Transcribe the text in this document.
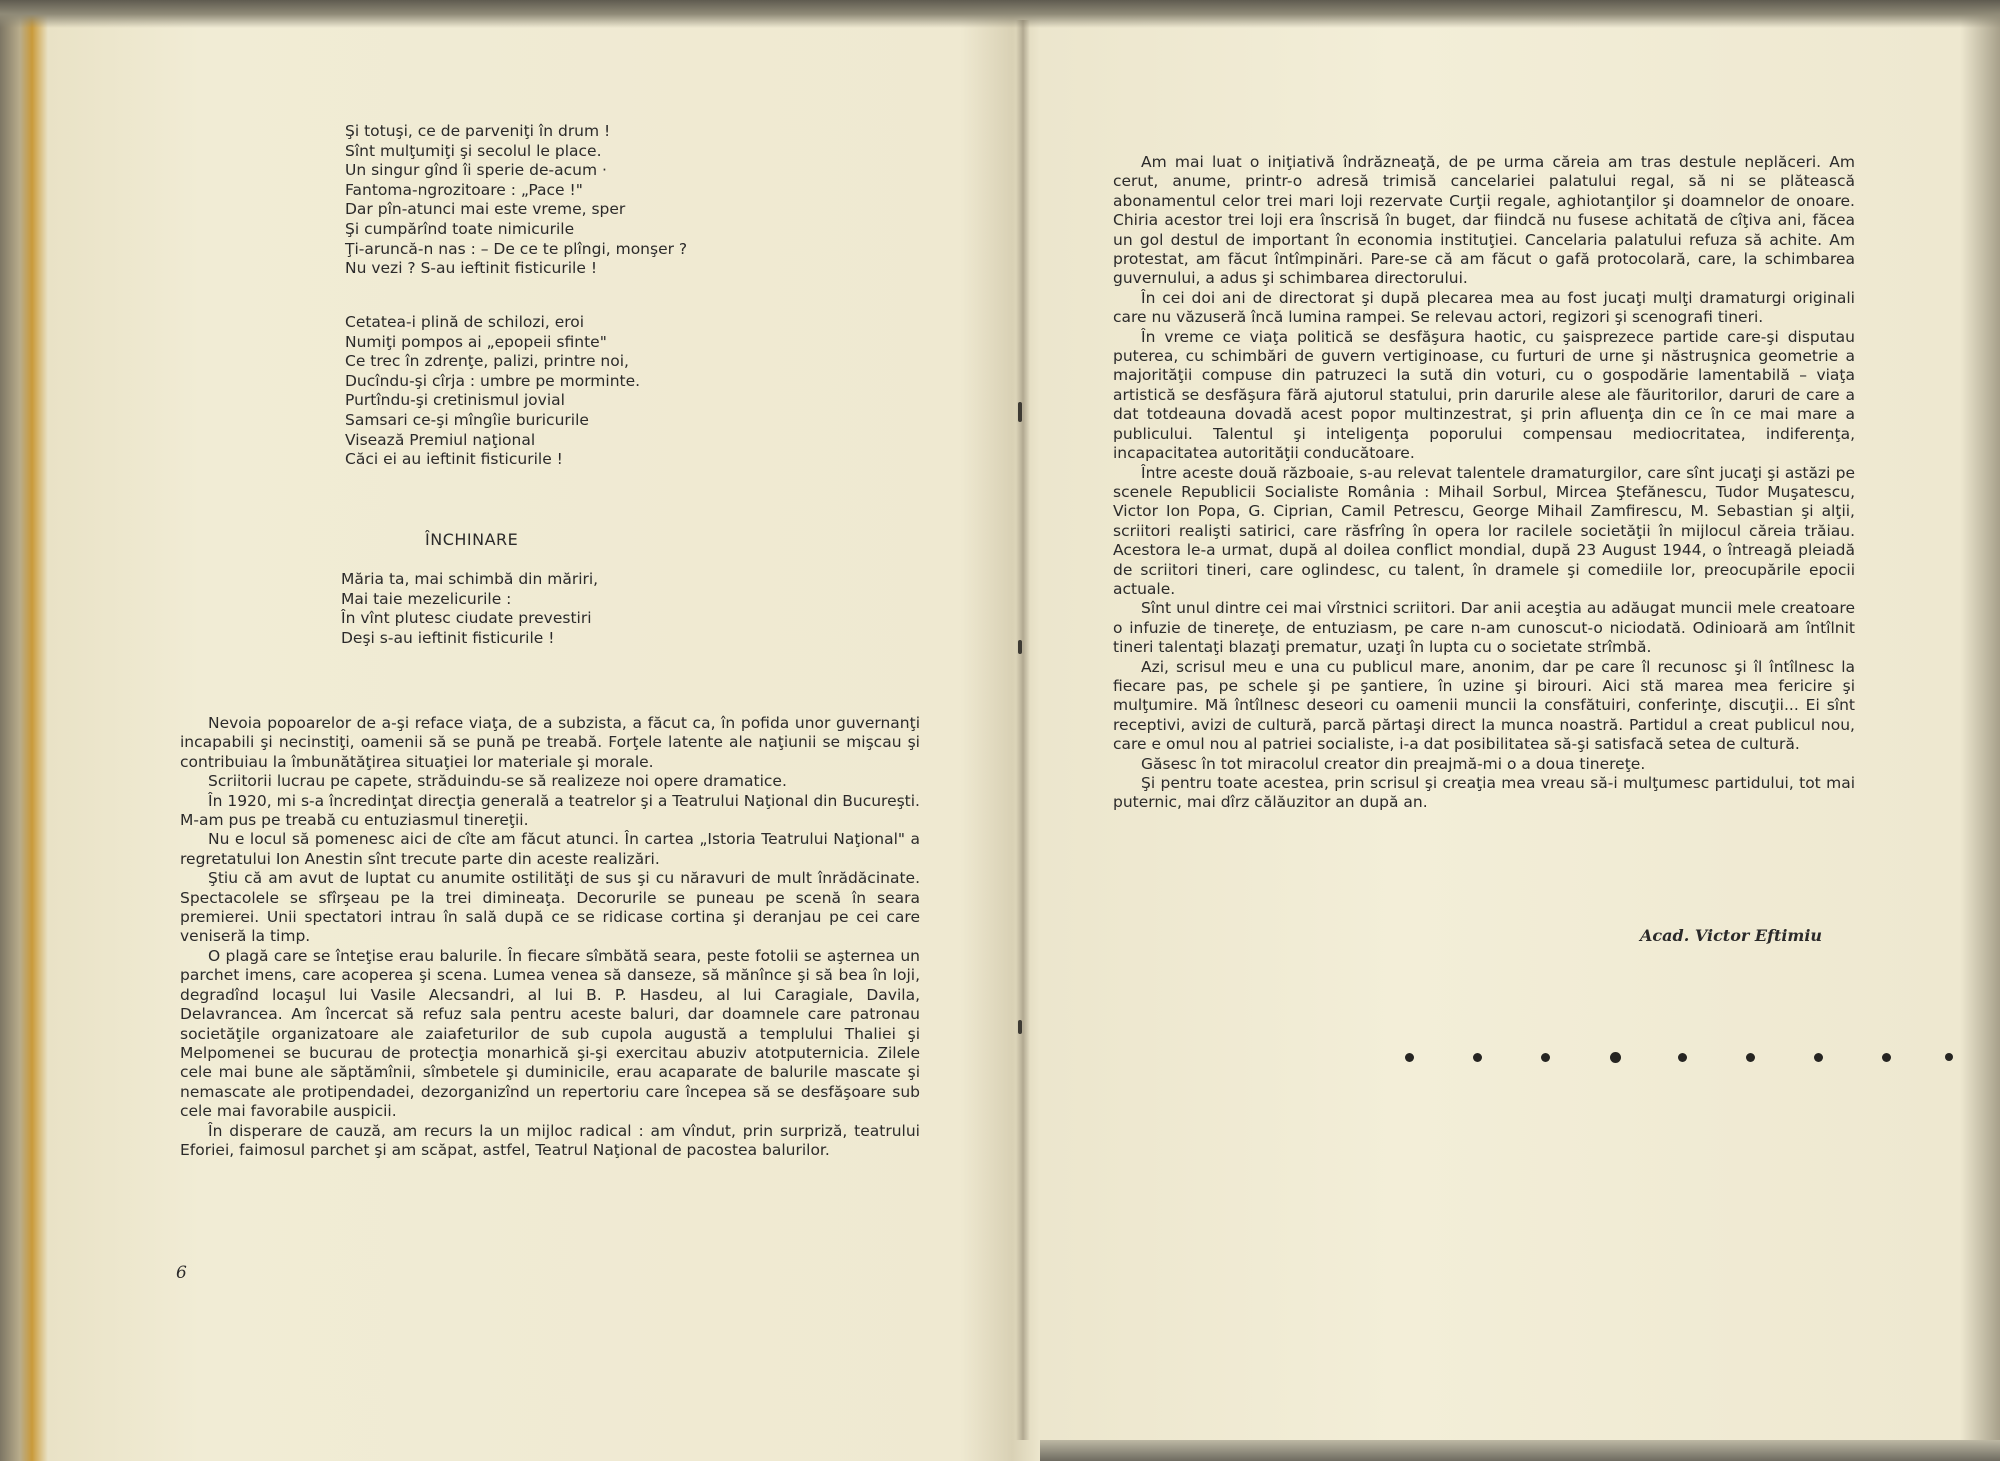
Şi totuşi, ce de parveniţi în drum !
Sînt mulţumiţi şi secolul le place.
Un singur gînd îi sperie de-acum ·
Fantoma-ngrozitoare : „Pace !"
Dar pîn-atunci mai este vreme, sper
Şi cumpărînd toate nimicurile
Ţi-aruncă-n nas : – De ce te plîngi, monşer ?
Nu vezi ? S-au ieftinit fisticurile !
Cetatea-i plină de schilozi, eroi
Numiţi pompos ai „epopeii sfinte"
Ce trec în zdrenţe, palizi, printre noi,
Ducîndu-şi cîrja : umbre pe morminte.
Purtîndu-şi cretinismul jovial
Samsari ce-şi mîngîie buricurile
Visează Premiul naţional
Căci ei au ieftinit fisticurile !
ÎNCHINARE
Măria ta, mai schimbă din măriri,
Mai taie mezelicurile :
În vînt plutesc ciudate prevestiri
Deşi s-au ieftinit fisticurile !

Nevoia popoarelor de a-şi reface viaţa, de a subzista, a făcut ca, în pofida unor guvernanţi incapabili şi necinstiţi, oamenii să se pună pe treabă. Forţele latente ale naţiunii se mişcau şi contribuiau la îmbunătăţirea situaţiei lor materiale şi morale.

Scriitorii lucrau pe capete, străduindu-se să realizeze noi opere dramatice.

În 1920, mi s-a încredinţat direcţia generală a teatrelor şi a Teatrului Naţional din Bucureşti. M-am pus pe treabă cu entuziasmul tinereţii.

Nu e locul să pomenesc aici de cîte am făcut atunci. În cartea „Istoria Teatrului Naţional" a regretatului Ion Anestin sînt trecute parte din aceste realizări.

Ştiu că am avut de luptat cu anumite ostilităţi de sus şi cu năravuri de mult înrădăcinate. Spectacolele se sfîrşeau pe la trei dimineaţa. Decorurile se puneau pe scenă în seara premierei. Unii spectatori intrau în sală după ce se ridicase cortina şi deranjau pe cei care veniseră la timp.

O plagă care se înteţise erau balurile. În fiecare sîmbătă seara, peste fotolii se aşternea un parchet imens, care acoperea şi scena. Lumea venea să danseze, să mănînce şi să bea în loji, degradînd locaşul lui Vasile Alecsandri, al lui B. P. Hasdeu, al lui Caragiale, Davila, Delavrancea. Am încercat să refuz sala pentru aceste baluri, dar doamnele care patronau societăţile organizatoare ale zaiafeturilor de sub cupola augustă a templului Thaliei şi Melpomenei se bucurau de protecţia monarhică şi-şi exercitau abuziv atotputernicia. Zilele cele mai bune ale săptămînii, sîmbetele şi duminicile, erau acaparate de balurile mascate şi nemascate ale protipendadei, dezorganizînd un repertoriu care începea să se desfăşoare sub cele mai favorabile auspicii.

În disperare de cauză, am recurs la un mijloc radical : am vîndut, prin surpriză, teatrului Eforiei, faimosul parchet şi am scăpat, astfel, Teatrul Naţional de pacostea balurilor.

6

Am mai luat o iniţiativă îndrăzneaţă, de pe urma căreia am tras destule neplăceri. Am cerut, anume, printr-o adresă trimisă cancelariei palatului regal, să ni se plătească abonamentul celor trei mari loji rezervate Curţii regale, aghiotanţilor şi doamnelor de onoare. Chiria acestor trei loji era înscrisă în buget, dar fiindcă nu fusese achitată de cîţiva ani, făcea un gol destul de important în economia instituţiei. Cancelaria palatului refuza să achite. Am protestat, am făcut întîmpinări. Pare-se că am făcut o gafă protocolară, care, la schimbarea guvernului, a adus şi schimbarea directorului.

În cei doi ani de directorat şi după plecarea mea au fost jucaţi mulţi dramaturgi originali care nu văzuseră încă lumina rampei. Se relevau actori, regizori şi scenografi tineri.

În vreme ce viaţa politică se desfăşura haotic, cu şaisprezece partide care-şi disputau puterea, cu schimbări de guvern vertiginoase, cu furturi de urne şi năstruşnica geometrie a majorităţii compuse din patruzeci la sută din voturi, cu o gospodărie lamentabilă – viaţa artistică se desfăşura fără ajutorul statului, prin darurile alese ale făuritorilor, daruri de care a dat totdeauna dovadă acest popor multinzestrat, şi prin afluenţa din ce în ce mai mare a publicului. Talentul şi inteligenţa poporului compensau mediocritatea, indiferenţa, incapacitatea autorităţii conducătoare.

Între aceste două războaie, s-au relevat talentele dramaturgilor, care sînt jucaţi şi astăzi pe scenele Republicii Socialiste România : Mihail Sorbul, Mircea Ştefănescu, Tudor Muşatescu, Victor Ion Popa, G. Ciprian, Camil Petrescu, George Mihail Zamfirescu, M. Sebastian şi alţii, scriitori realişti satirici, care răsfrîng în opera lor racilele societăţii în mijlocul căreia trăiau. Acestora le-a urmat, după al doilea conflict mondial, după 23 August 1944, o întreagă pleiadă de scriitori tineri, care oglindesc, cu talent, în dramele şi comediile lor, preocupările epocii actuale.

Sînt unul dintre cei mai vîrstnici scriitori. Dar anii aceştia au adăugat muncii mele creatoare o infuzie de tinereţe, de entuziasm, pe care n-am cunoscut-o niciodată. Odinioară am întîlnit tineri talentaţi blazaţi prematur, uzaţi în lupta cu o societate strîmbă.

Azi, scrisul meu e una cu publicul mare, anonim, dar pe care îl recunosc şi îl întîlnesc la fiecare pas, pe schele şi pe şantiere, în uzine şi birouri. Aici stă marea mea fericire şi mulţumire. Mă întîlnesc deseori cu oamenii muncii la consfătuiri, conferinţe, discuţii... Ei sînt receptivi, avizi de cultură, parcă părtaşi direct la munca noastră. Partidul a creat publicul nou, care e omul nou al patriei socialiste, i-a dat posibilitatea să-şi satisfacă setea de cultură.

Găsesc în tot miracolul creator din preajmă-mi o a doua tinereţe.

Şi pentru toate acestea, prin scrisul şi creaţia mea vreau să-i mulţumesc partidului, tot mai puternic, mai dîrz călăuzitor an după an.

Acad. Victor Eftimiu
